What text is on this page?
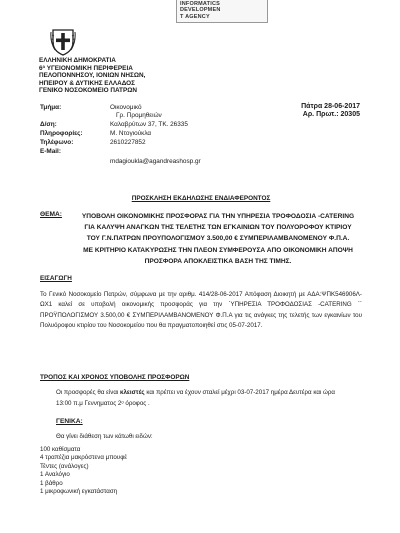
INFORMATICS
DEVELOPMEN
T AGENCY
ΕΛΛΗΝΙΚΗ ΔΗΜΟΚΡΑΤΙΑ
6ª ΥΓΕΙΟΝΟΜΙΚΗ ΠΕΡΙΦΕΡΕΙΑ
ΠΕΛΟΠΟΝΝΗΣΟΥ, ΙΟΝΙΩΝ ΝΗΣΩΝ,
ΗΠΕΙΡΟΥ & ΔΥΤΙΚΗΣ ΕΛΛΑΔΟΣ
ΓΕΝΙΚΟ ΝΟΣΟΚΟΜΕΙΟ ΠΑΤΡΩΝ
Τμήμα:	Οικονομικό
Γρ. Προμηθειών
Δ/ση:	Καλαβρύτων 37, ΤΚ. 26335
Πληροφορίες:	Μ. Ντογιούκλα
Τηλέφωνο:	2610227852
E-Mail:
mdagioukla@agandreashosp.gr
Πάτρα 28-06-2017
Αρ. Πρωτ.: 20305
ΠΡΟΣΚΛΗΣΗ ΕΚΔΗΛΩΣΗΣ ΕΝΔΙΑΦΕΡΟΝΤΟΣ
ΘΕΜΑ:	ΥΠΟΒΟΛΗ ΟΙΚΟΝΟΜΙΚΗΣ ΠΡΟΣΦΟΡΑΣ ΓΙΑ ΤΗΝ ΥΠΗΡΕΣΙΑ ΤΡΟΦΟΔΟΣΙΑ -CATERING
ΓΙΑ ΚΑΛΥΨΗ ΑΝΑΓΚΩΝ ΤΗΣ ΤΕΛΕΤΗΣ ΤΩΝ ΕΓΚΑΙΝΙΩΝ ΤΟΥ ΠΟΛΥΟΡΟΦΟΥ ΚΤΙΡΙΟΥ
ΤΟΥ Γ.Ν.ΠΑΤΡΩΝ ΠΡΟΥΠΟΛΟΓΙΣΜΟΥ 3.500,00 € ΣΥΜΠΕΡΙΛΑΜΒΑΝΟΜΕΝΟΥ Φ.Π.Α.
ΜΕ ΚΡΙΤΗΡΙΟ ΚΑΤΑΚΥΡΩΣΗΣ ΤΗΝ ΠΛΕΟΝ ΣΥΜΦΕΡΟΥΣΑ ΑΠΟ ΟΙΚΟΝΟΜΙΚΗ ΑΠΟΨΗ
ΠΡΟΣΦΟΡΑ ΑΠΟΚΛΕΙΣΤΙΚΑ ΒΑΣΗ ΤΗΣ ΤΙΜΗΣ.
ΕΙΣΑΓΩΓΗ
Το Γενικό Νοσοκομείο Πατρών, σύμφωνα με την αριθμ. 414/28-06-2017 Απόφαση Διοικητή με ΑΔΑ:ΨΠΚ546906Λ-ΩΧ1 καλεί σε υποβολή οικονομικής προσφοράς για την ΄ΥΠΗΡΕΣΙΑ ΤΡΟΦΟΔΟΣΙΑΣ -CATERING ΄΄ ΠΡΟΫΠΟΛΟΓΙΣΜΟΥ 3.500,00 € ΣΥΜΠΕΡΙΛΑΜΒΑΝΟΜΕΝΟΥ Φ.Π.Α για τις ανάγκες της τελετής των εγκαινίων του Πολυόροφου κτιρίου του Νοσοκομείου που θα πραγματοποιηθεί στις 05-07-2017.
ΤΡΟΠΟΣ ΚΑΙ ΧΡΟΝΟΣ ΥΠΟΒΟΛΗΣ ΠΡΟΣΦΟΡΩΝ
Οι προσφορές θα είναι κλειστές και πρέπει να έχουν σταλεί μέχρι 03-07-2017 ημέρα Δευτέρα και ώρα
13:00 π.μ Γεννηματος 2ᵒ όροφος .
ΓΕΝΙΚΑ:
Θα γίνει διάθεση των κάτωθι ειδών:
100 καθίσματα
4 τραπέζια μακρόστενα μπουφέ
Τέντες (ανάλογες)
1 Αναλόγιο
1 βάθρο
1 μικροφωνική εγκατάσταση
